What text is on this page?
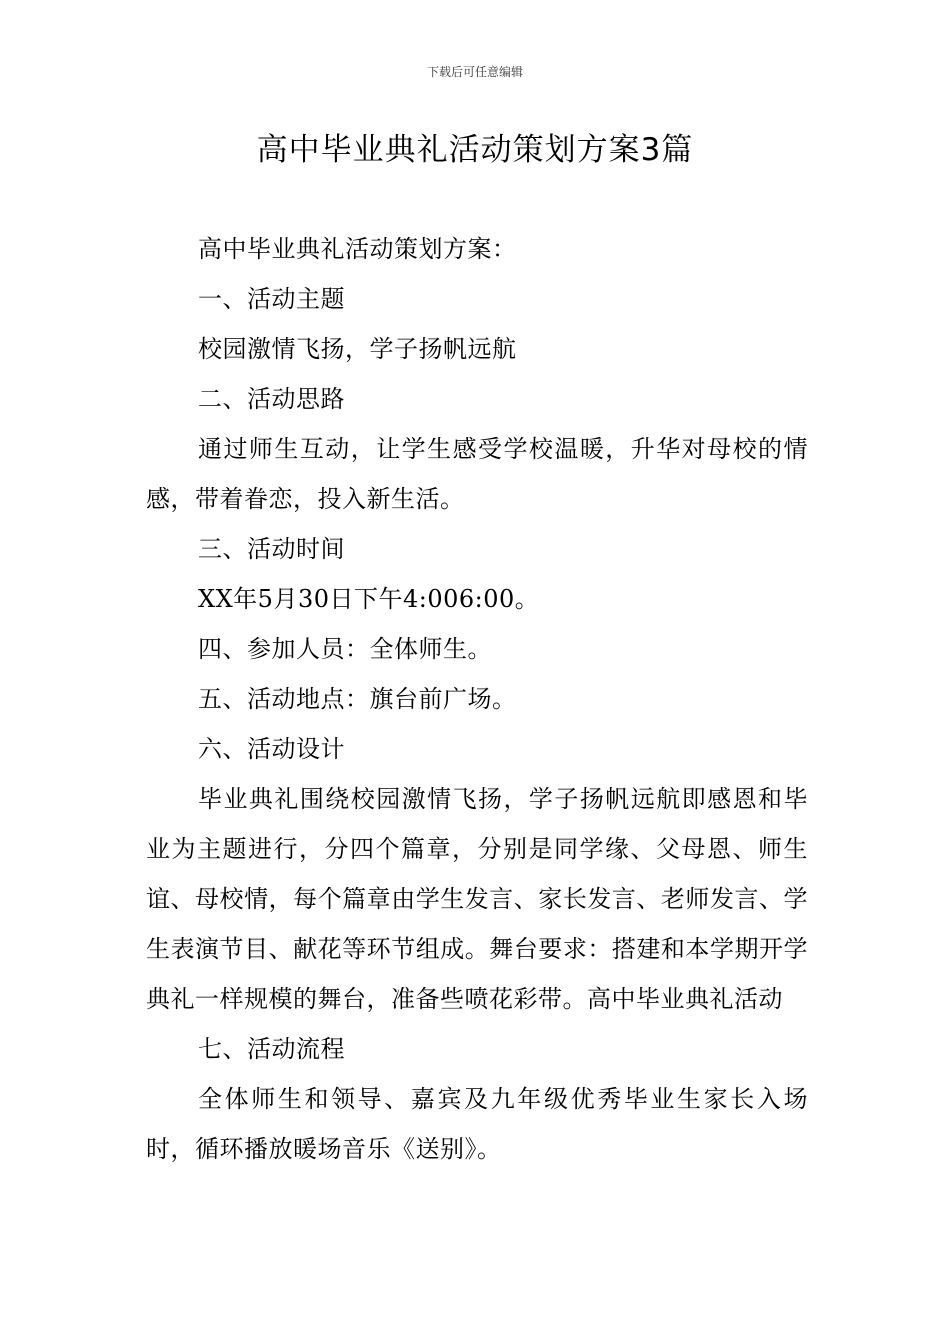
下载后可任意编辑
高中毕业典礼活动策划方案3篇

高中毕业典礼活动策划方案：

一、活动主题

校园激情飞扬，学子扬帆远航

二、活动思路

通过师生互动，让学生感受学校温暖，升华对母校的情感，带着眷恋，投入新生活。

三、活动时间

XX年5月30日下午4:006:00。

四、参加人员：全体师生。

五、活动地点：旗台前广场。

六、活动设计

毕业典礼围绕校园激情飞扬，学子扬帆远航即感恩和毕业为主题进行，分四个篇章，分别是同学缘、父母恩、师生谊、母校情，每个篇章由学生发言、家长发言、老师发言、学生表演节目、献花等环节组成。舞台要求：搭建和本学期开学典礼一样规模的舞台，准备些喷花彩带。高中毕业典礼活动

七、活动流程

全体师生和领导、嘉宾及九年级优秀毕业生家长入场时，循环播放暖场音乐《送别》。
